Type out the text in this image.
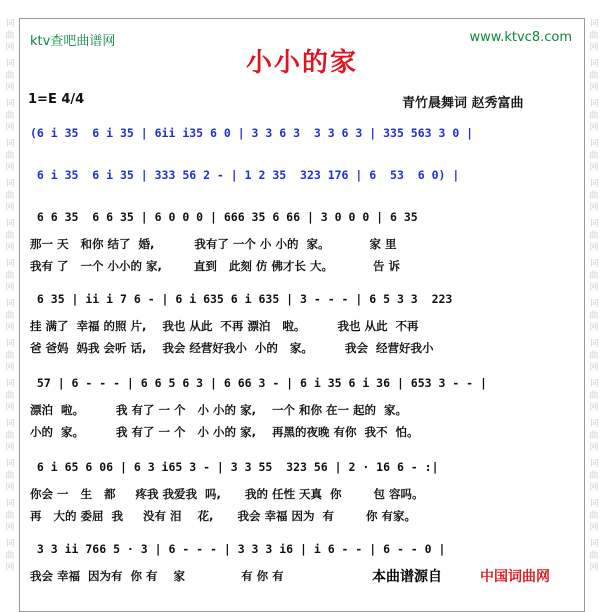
词
曲
网
词
曲
网
词
曲
网
词
曲
网
词
曲
网
词
曲
网
词
曲
网
词
曲
网
词
曲
网
词
曲
网
词
曲
网
词
曲
网
词
曲
网
词
曲
网
词
曲
网
词
曲
网
词
曲
网
词
曲
网
词
曲
网
词
曲
网
词
曲
网
词
曲
网
词
曲
网
词
曲
网
词
曲
网
词
曲
网
词
曲
网
词
曲
网
ktv查吧曲谱网	www.ktvc8.com
小小的家
1=E 4/4	青竹晨舞词 赵秀富曲
(6 i 35  6 i 35 | 6ii i35 6 0 | 3 3 6 3  3 3 6 3 | 335 563 3 0 |
6 i 35  6 i 35 | 333 56 2 - | 1 2 35  323 176 | 6  53  6 0) |
6 6 35  6 6 35 | 6 0 0 0 | 666 35 6 66 | 3 0 0 0 | 6 35
那一 天   和你 结了  婚,          我有了 一个 小 小的  家。          家 里
我有 了   一个 小小的 家,        直到   此刻 仿 佛才长 大。          告 诉
6 35 | ii i 7 6 - | 6 i 635 6 i 635 | 3 - - - | 6 5 3 3  223
挂 满了  幸福 的照 片,    我也 从此  不再 漂泊   啦。        我也 从此  不再
爸 爸妈  妈我 会听 话,    我会 经营好我小  小的   家。        我会  经营好我小
57 | 6 - - - | 6 6 5 6 3 | 6 66 3 - | 6 i 35 6 i 36 | 653 3 - - |
漂泊  啦。        我 有了 一 个   小 小的 家,    一个 和你 在一 起的  家。
小的  家。        我 有了 一 个   小 小的 家,    再黑的夜晚 有你  我不  怕。
6 i 65 6 06 | 6 3 i65 3 - | 3 3 55  323 56 | 2 · 16 6 - :|
你会 一   生   都     疼我 我爱我  吗,      我的 任性 天真  你        包 容吗。
再   大的 委屈  我     没有 泪    花,      我会 幸福 因为  有        你 有家。
3 3 ii 766 5 · 3 | 6 - - - | 3 3 3 i6 | i 6 - - | 6 - - 0 |
我会 幸福  因为有  你 有    家              有 你 有	本曲谱源自	中国词曲网
